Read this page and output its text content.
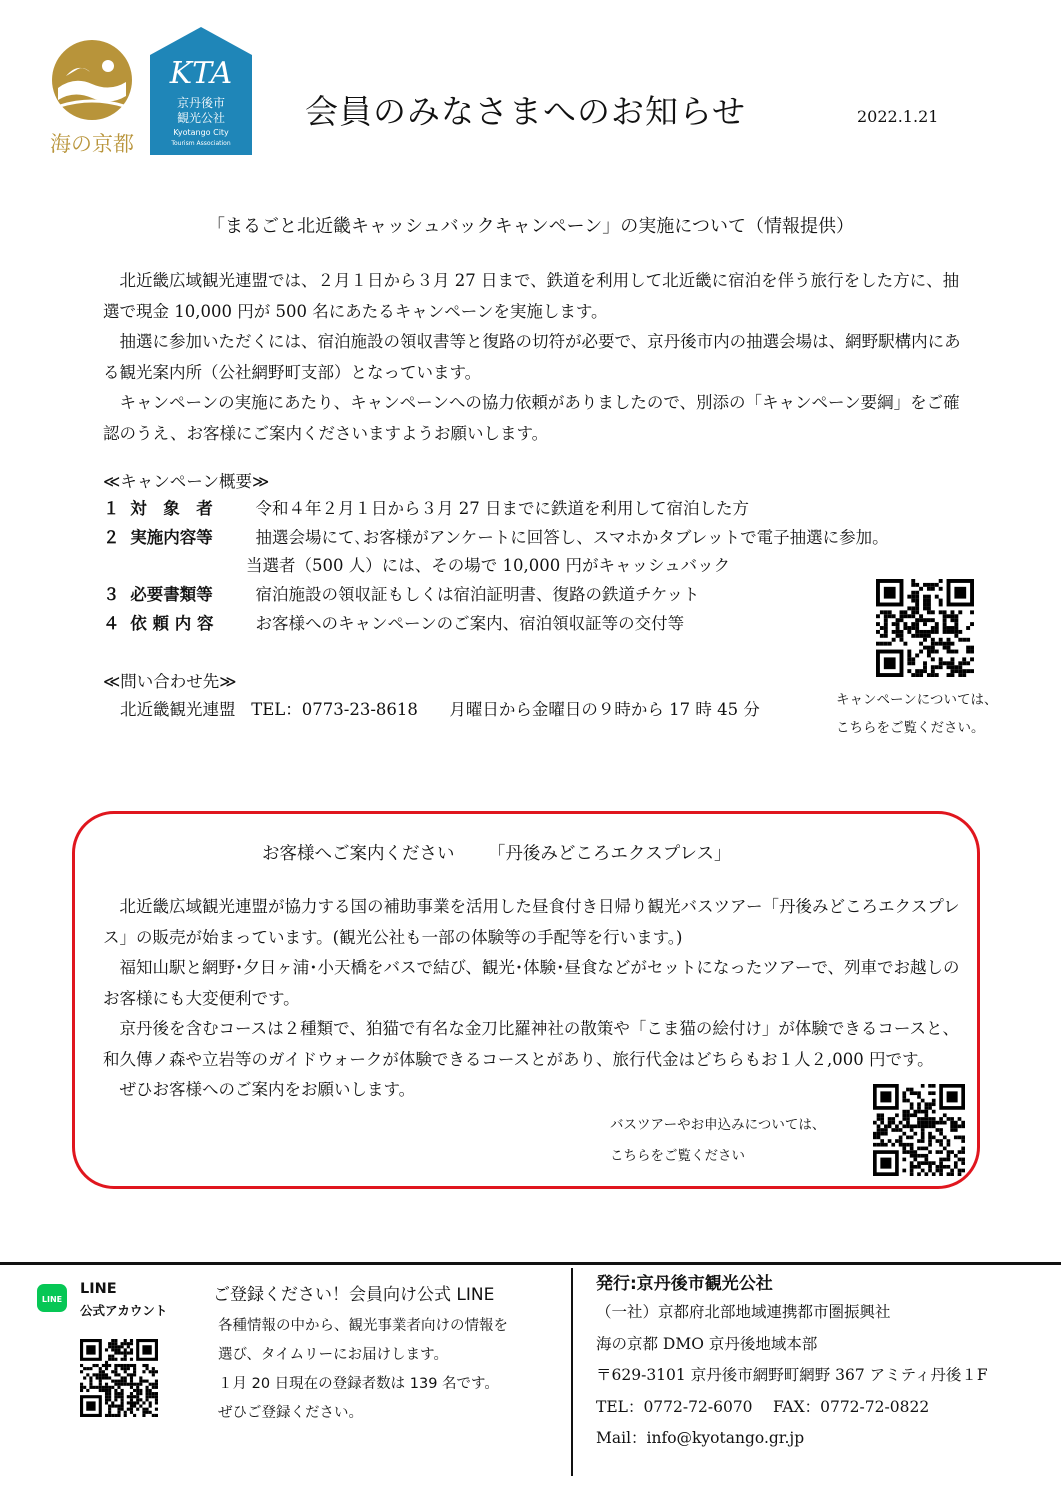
海の京都
KTA
京丹後市
観光公社
Kyotango City
Tourism Association
会員のみなさまへのお知らせ	2022.1.21
「まるごと北近畿キャッシュバックキャンペーン」の実施について（情報提供）

北近畿広域観光連盟では、２月１日から３月 27 日まで、鉄道を利用して北近畿に宿泊を伴う旅行をした方に、抽選で現金 10,000 円が 500 名にあたるキャンペーンを実施します。

抽選に参加いただくには、宿泊施設の領収書等と復路の切符が必要で、京丹後市内の抽選会場は、網野駅構内にある観光案内所（公社網野町支部）となっています。

キャンペーンの実施にあたり、キャンペーンへの協力依頼がありましたので、別添の「キャンペーン要綱」をご確認のうえ、お客様にご案内くださいますようお願いします。

≪キャンペーン概要≫
１ 対　象　者	令和４年２月１日から３月 27 日までに鉄道を利用して宿泊した方
２ 実施内容等	抽選会場にて､お客様がアンケートに回答し、スマホかタブレットで電子抽選に参加。
当選者（500 人）には、その場で 10,000 円がキャッシュバック
３ 必要書類等	宿泊施設の領収証もしくは宿泊証明書、復路の鉄道チケット
４ 依 頼 内 容	お客様へのキャンペーンのご案内、宿泊領収証等の交付等
キャンペーンについては、
こちらをご覧ください。
≪問い合わせ先≫
北近畿観光連盟 TEL：0773-23-8618 月曜日から金曜日の９時から 17 時 45 分
お客様へご案内ください 「丹後みどころエクスプレス」

北近畿広域観光連盟が協力する国の補助事業を活用した昼食付き日帰り観光バスツアー「丹後みどころエクスプレス」の販売が始まっています。(観光公社も一部の体験等の手配等を行います。)

福知山駅と網野･夕日ヶ浦･小天橋をバスで結び、観光･体験･昼食などがセットになったツアーで、列車でお越しのお客様にも大変便利です。

京丹後を含むコースは２種類で、狛猫で有名な金刀比羅神社の散策や「こま猫の絵付け」が体験できるコースと、和久傳ノ森や立岩等のガイドウォークが体験できるコースとがあり、旅行代金はどちらもお１人２,000 円です。

ぜひお客様へのご案内をお願いします。

バスツアーやお申込みについては、
こちらをご覧ください
LINE
LINE
公式アカウント
ご登録ください！会員向け公式 LINE
各種情報の中から、観光事業者向けの情報を
選び、タイムリーにお届けします。
１月 20 日現在の登録者数は 139 名です。
ぜひご登録ください。
発行:京丹後市観光公社
（一社）京都府北部地域連携都市圏振興社
海の京都 DMO 京丹後地域本部
〒629-3101 京丹後市網野町網野 367 アミティ丹後１F
TEL：0772-72-6070　 FAX：0772-72-0822
Mail：info@kyotango.gr.jp
